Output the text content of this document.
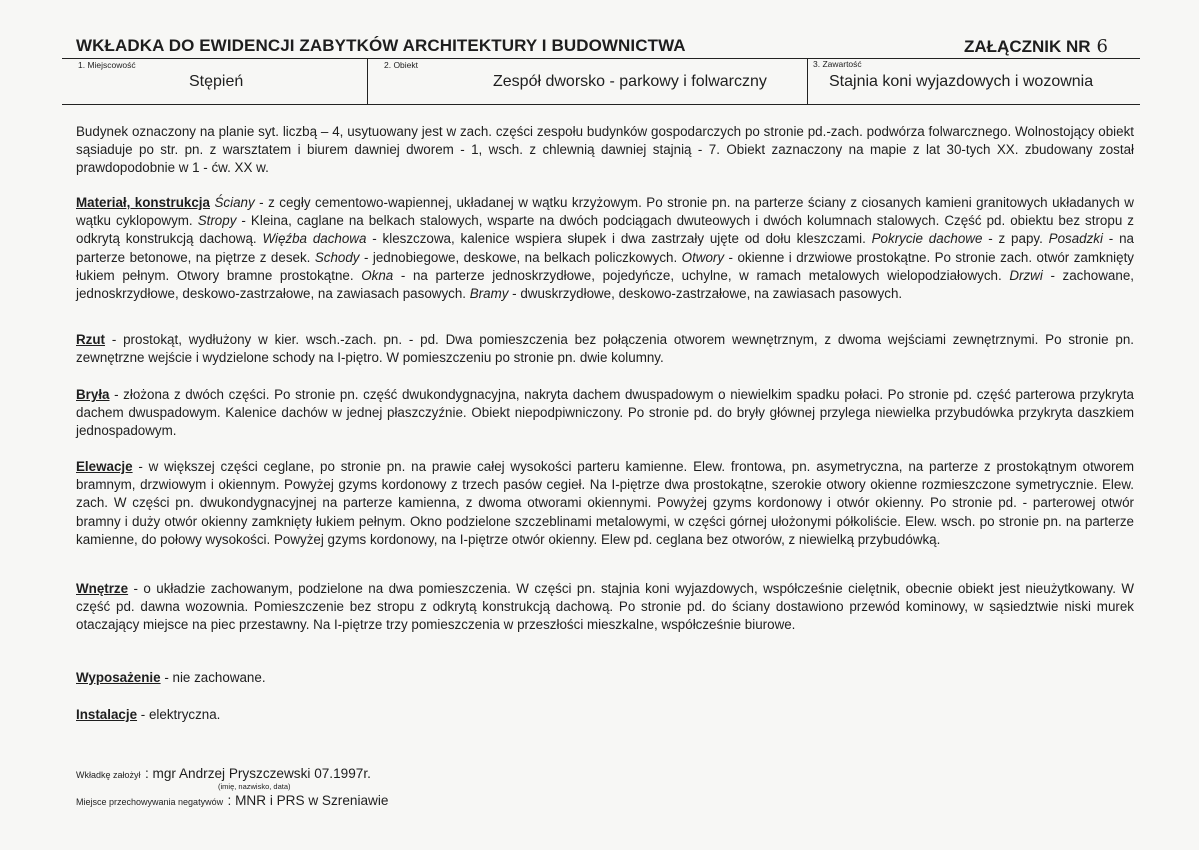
WKŁADKA DO EWIDENCJI ZABYTKÓW ARCHITEKTURY I BUDOWNICTWA	ZAŁĄCZNIK NR 6
1. Miejscowość
Stępień
2. Obiekt
Zespół dworsko - parkowy i folwarczny
3. Zawartość
Stajnia koni wyjazdowych i wozownia
Budynek oznaczony na planie syt. liczbą – 4, usytuowany jest w zach. części zespołu budynków gospodarczych po stronie pd.-zach. podwórza folwarcznego. Wolnostojący obiekt sąsiaduje po str. pn. z warsztatem i biurem dawniej dworem - 1, wsch. z chlewnią dawniej stajnią - 7. Obiekt zaznaczony na mapie z lat 30-tych XX. zbudowany został prawdopodobnie w 1 - ćw. XX w.
Materiał, konstrukcja Ściany - z cegły cementowo-wapiennej, układanej w wątku krzyżowym. Po stronie pn. na parterze ściany z ciosanych kamieni granitowych układanych w wątku cyklopowym. Stropy - Kleina, caglane na belkach stalowych, wsparte na dwóch podciągach dwuteowych i dwóch kolumnach stalowych. Część pd. obiektu bez stropu z odkrytą konstrukcją dachową. Więźba dachowa - kleszczowa, kalenice wspiera słupek i dwa zastrzały ujęte od dołu kleszczami. Pokrycie dachowe - z papy. Posadzki - na parterze betonowe, na piętrze z desek. Schody - jednobiegowe, deskowe, na belkach policzkowych. Otwory - okienne i drzwiowe prostokątne. Po stronie zach. otwór zamknięty łukiem pełnym. Otwory bramne prostokątne. Okna - na parterze jednoskrzydłowe, pojedyńcze, uchylne, w ramach metalowych wielopodziałowych. Drzwi - zachowane, jednoskrzydłowe, deskowo-zastrzałowe, na zawiasach pasowych. Bramy - dwuskrzydłowe, deskowo-zastrzałowe, na zawiasach pasowych.
Rzut - prostokąt, wydłużony w kier. wsch.-zach. pn. - pd. Dwa pomieszczenia bez połączenia otworem wewnętrznym, z dwoma wejściami zewnętrznymi. Po stronie pn. zewnętrzne wejście i wydzielone schody na I-piętro. W pomieszczeniu po stronie pn. dwie kolumny.
Bryła - złożona z dwóch części. Po stronie pn. część dwukondygnacyjna, nakryta dachem dwuspadowym o niewielkim spadku połaci. Po stronie pd. część parterowa przykryta dachem dwuspadowym. Kalenice dachów w jednej płaszczyźnie. Obiekt niepodpiwniczony. Po stronie pd. do bryły głównej przylega niewielka przybudówka przykryta daszkiem jednospadowym.
Elewacje - w większej części ceglane, po stronie pn. na prawie całej wysokości parteru kamienne. Elew. frontowa, pn. asymetryczna, na parterze z prostokątnym otworem bramnym, drzwiowym i okiennym. Powyżej gzyms kordonowy z trzech pasów cegieł. Na I-piętrze dwa prostokątne, szerokie otwory okienne rozmieszczone symetrycznie. Elew. zach. W części pn. dwukondygnacyjnej na parterze kamienna, z dwoma otworami okiennymi. Powyżej gzyms kordonowy i otwór okienny. Po stronie pd. - parterowej otwór bramny i duży otwór okienny zamknięty łukiem pełnym. Okno podzielone szczeblinami metalowymi, w części górnej ułożonymi półkoliście. Elew. wsch. po stronie pn. na parterze kamienne, do połowy wysokości. Powyżej gzyms kordonowy, na I-piętrze otwór okienny. Elew pd. ceglana bez otworów, z niewielką przybudówką.
Wnętrze - o układzie zachowanym, podzielone na dwa pomieszczenia. W części pn. stajnia koni wyjazdowych, współcześnie cielętnik, obecnie obiekt jest nieużytkowany. W część pd. dawna wozownia. Pomieszczenie bez stropu z odkrytą konstrukcją dachową. Po stronie pd. do ściany dostawiono przewód kominowy, w sąsiedztwie niski murek otaczający miejsce na piec przestawny. Na I-piętrze trzy pomieszczenia w przeszłości mieszkalne, współcześnie biurowe.
Wyposażenie - nie zachowane.
Instalacje - elektryczna.
Wkładkę założył : mgr Andrzej Pryszczewski 07.1997r.
(imię, nazwisko, data)
Miejsce przechowywania negatywów : MNR i PRS w Szreniawie
